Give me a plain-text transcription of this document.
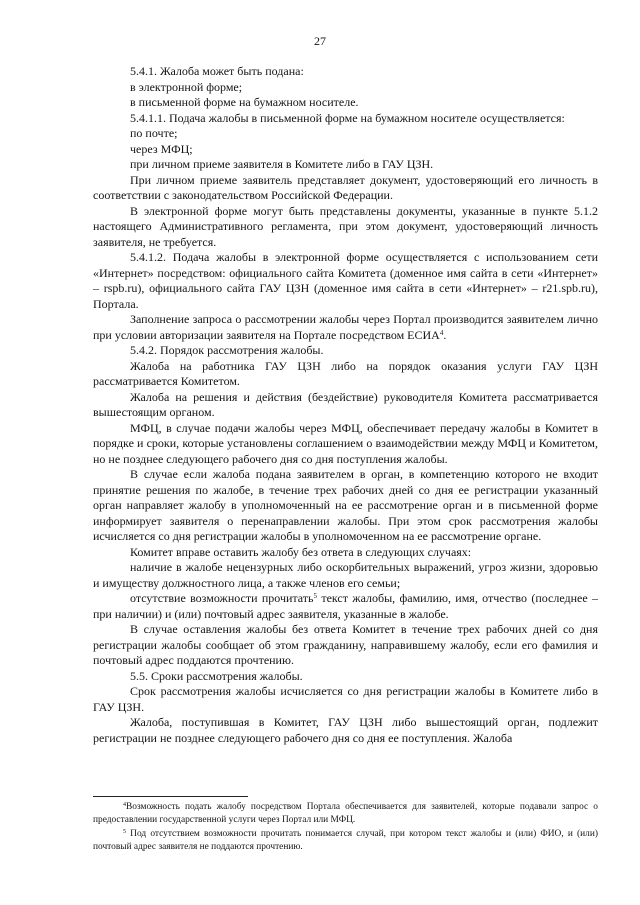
27

5.4.1. Жалоба может быть подана:

в электронной форме;

в письменной форме на бумажном носителе.

5.4.1.1. Подача жалобы в письменной форме на бумажном носителе осуществляется:

по почте;

через МФЦ;

при личном приеме заявителя в Комитете либо в ГАУ ЦЗН.

При личном приеме заявитель представляет документ, удостоверяющий его личность в соответствии с законодательством Российской Федерации.

В электронной форме могут быть представлены документы, указанные в пункте 5.1.2 настоящего Административного регламента, при этом документ, удостоверяющий личность заявителя, не требуется.

5.4.1.2. Подача жалобы в электронной форме осуществляется с использованием сети «Интернет» посредством: официального сайта Комитета (доменное имя сайта в сети «Интернет» – rspb.ru), официального сайта ГАУ ЦЗН (доменное имя сайта в сети «Интернет» – r21.spb.ru), Портала.

Заполнение запроса о рассмотрении жалобы через Портал производится заявителем лично при условии авторизации заявителя на Портале посредством ЕСИА$^4$.

5.4.2. Порядок рассмотрения жалобы.

Жалоба на работника ГАУ ЦЗН либо на порядок оказания услуги ГАУ ЦЗН рассматривается Комитетом.

Жалоба на решения и действия (бездействие) руководителя Комитета рассматривается вышестоящим органом.

МФЦ, в случае подачи жалобы через МФЦ, обеспечивает передачу жалобы в Комитет в порядке и сроки, которые установлены соглашением о взаимодействии между МФЦ и Комитетом, но не позднее следующего рабочего дня со дня поступления жалобы.

В случае если жалоба подана заявителем в орган, в компетенцию которого не входит принятие решения по жалобе, в течение трех рабочих дней со дня ее регистрации указанный орган направляет жалобу в уполномоченный на ее рассмотрение орган и в письменной форме информирует заявителя о перенаправлении жалобы. При этом срок рассмотрения жалобы исчисляется со дня регистрации жалобы в уполномоченном на ее рассмотрение органе.

Комитет вправе оставить жалобу без ответа в следующих случаях:

наличие в жалобе нецензурных либо оскорбительных выражений, угроз жизни, здоровью и имуществу должностного лица, а также членов его семьи;

отсутствие возможности прочитать$^5$ текст жалобы, фамилию, имя, отчество (последнее – при наличии) и (или) почтовый адрес заявителя, указанные в жалобе.

В случае оставления жалобы без ответа Комитет в течение трех рабочих дней со дня регистрации жалобы сообщает об этом гражданину, направившему жалобу, если его фамилия и почтовый адрес поддаются прочтению.

5.5. Сроки рассмотрения жалобы.

Срок рассмотрения жалобы исчисляется со дня регистрации жалобы в Комитете либо в ГАУ ЦЗН.

Жалоба, поступившая в Комитет, ГАУ ЦЗН либо вышестоящий орган, подлежит регистрации не позднее следующего рабочего дня со дня ее поступления. Жалоба

$^4$Возможность подать жалобу посредством Портала обеспечивается для заявителей, которые подавали запрос о предоставлении государственной услуги через Портал или МФЦ.

$^5$ Под отсутствием возможности прочитать понимается случай, при котором текст жалобы и (или) ФИО, и (или) почтовый адрес заявителя не поддаются прочтению.
